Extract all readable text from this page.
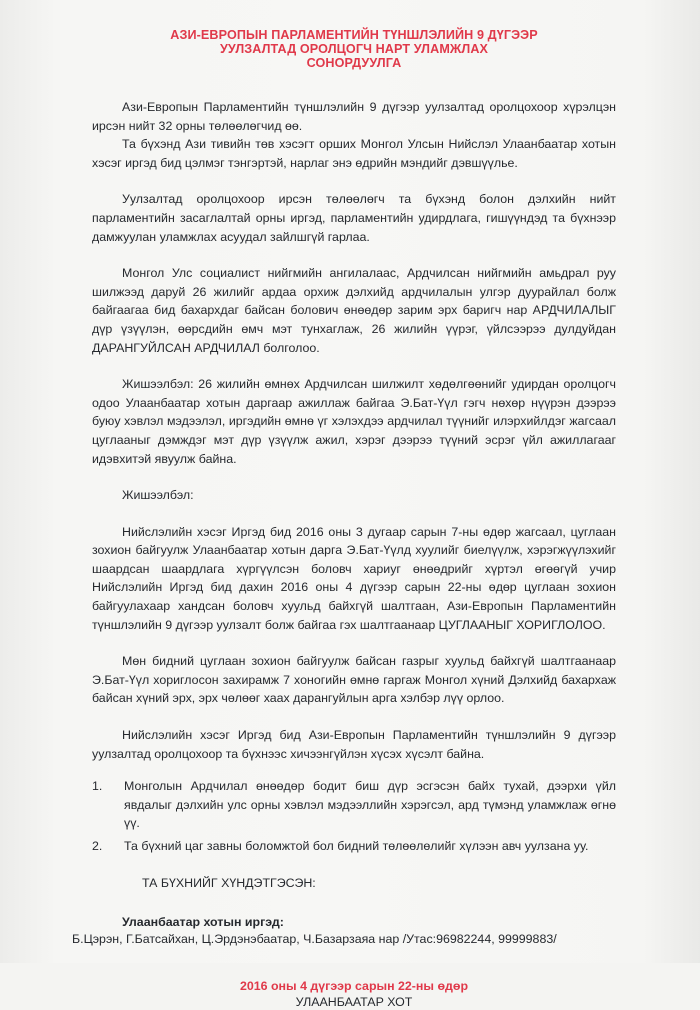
АЗИ-ЕВРОПЫН ПАРЛАМЕНТИЙН ТҮНШЛЭЛИЙН 9 ДҮГЭЭР
УУЛЗАЛТАД ОРОЛЦОГЧ НАРТ УЛАМЖЛАХ
СОНОРДУУЛГА

Ази-Европын Парламентийн түншлэлийн 9 дүгээр уулзалтад оролцохоор хүрэлцэн ирсэн нийт 32 орны төлөөлөгчид өө.

Та бүхэнд Ази тивийн төв хэсэгт орших Монгол Улсын Нийслэл Улаанбаатар хотын хэсэг иргэд бид цэлмэг тэнгэртэй, нарлаг энэ өдрийн мэндийг дэвшүүлье.

Уулзалтад оролцохоор ирсэн төлөөлөгч та бүхэнд болон дэлхийн нийт парламентийн засаглалтай орны иргэд, парламентийн удирдлага, гишүүндэд та бүхнээр дамжуулан уламжлах асуудал зайлшгүй гарлаа.

Монгол Улс социалист нийгмийн ангилалаас, Ардчилсан нийгмийн амьдрал руу шилжээд даруй 26 жилийг ардаа орхиж дэлхийд ардчилалын улгэр дуурайлал болж байгаагаа бид бахархдаг байсан болович өнөөдөр зарим эрх баригч нар АРДЧИЛАЛЫГ дүр үзүүлэн, өөрсдийн өмч мэт тунхаглаж, 26 жилийн үүрэг, үйлсээрээ дулдуйдан ДАРАНГУЙЛСАН АРДЧИЛАЛ болголоо.

Жишээлбэл: 26 жилийн өмнөх Ардчилсан шилжилт хөдөлгөөнийг удирдан оролцогч одоо Улаанбаатар хотын даргаар ажиллаж байгаа Э.Бат-Үүл гэгч нөхөр нүүрэн дээрээ буюу хэвлэл мэдээлэл, иргэдийн өмнө үг хэлэхдээ ардчилал түүнийг илэрхийлдэг жагсаал цуглааныг дэмждэг мэт дүр үзүүлж ажил, хэрэг дээрээ түүний эсрэг үйл ажиллагааг идэвхитэй явуулж байна.

Жишээлбэл:

Нийслэлийн хэсэг Иргэд бид 2016 оны 3 дугаар сарын 7-ны өдөр жагсаал, цуглаан зохион байгуулж Улаанбаатар хотын дарга Э.Бат-Үүлд хуулийг биелүүлж, хэрэгжүүлэхийг шаардсан шаардлага хүргүүлсэн боловч хариуг өнөөдрийг хүртэл өгөөгүй учир Нийслэлийн Иргэд бид дахин 2016 оны 4 дүгээр сарын 22-ны өдөр цуглаан зохион байгуулахаар хандсан боловч хуульд байхгүй шалтгаан, Ази-Европын Парламентийн түншлэлийн 9 дүгээр уулзалт болж байгаа гэх шалтгаанаар ЦУГЛААНЫГ ХОРИГЛОЛОО.

Мөн бидний цуглаан зохион байгуулж байсан газрыг хуульд байхгүй шалтгаанаар Э.Бат-Үүл хориглосон захирамж 7 хоногийн өмнө гаргаж Монгол хүний Дэлхийд бахархаж байсан хүний эрх, эрх чөлөөг хаах дарангуйлын арга хэлбэр лүү орлоо.

Нийслэлийн хэсэг Иргэд бид Ази-Европын Парламентийн түншлэлийн 9 дүгээр уулзалтад оролцохоор та бүхнээс хичээнгүйлэн хүсэх хүсэлт байна.

1. Монголын Ардчилал өнөөдөр бодит биш дүр эсгэсэн байх тухай, дээрхи үйл явдалыг дэлхийн улс орны хэвлэл мэдээллийн хэрэгсэл, ард түмэнд уламжлаж өгнө үү.
2. Та бүхний цаг завны боломжтой бол бидний төлөөлөлийг хүлээн авч уулзана уу.
ТА БҮХНИЙГ ХҮНДЭТГЭСЭН:
Улаанбаатар хотын иргэд:
Б.Цэрэн, Г.Батсайхан, Ц.Эрдэнэбаатар, Ч.Базарзаяа нар /Утас:96982244, 99999883/
2016 оны 4 дүгээр сарын 22-ны өдөр
УЛААНБААТАР ХОТ
